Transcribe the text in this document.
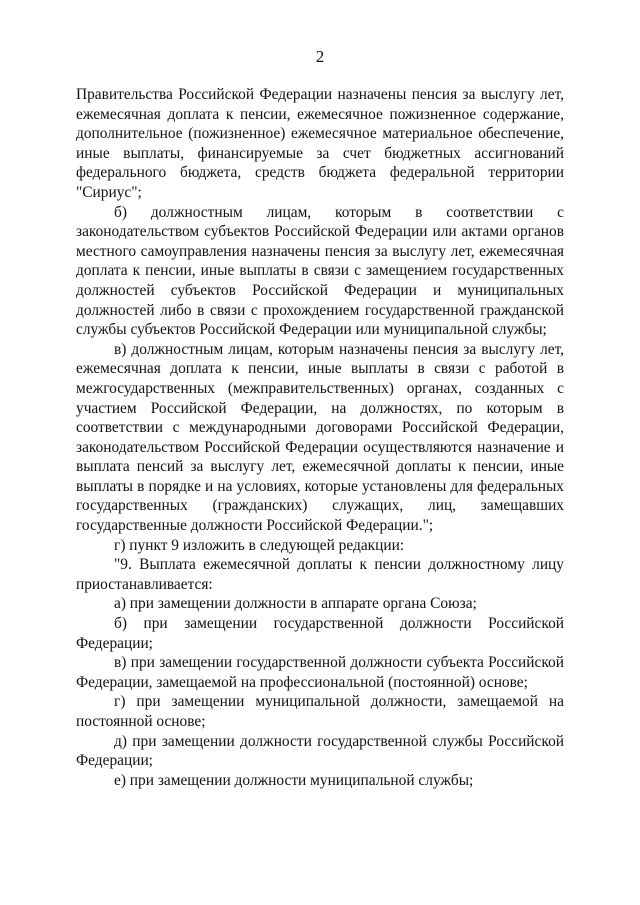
2

Правительства Российской Федерации назначены пенсия за выслугу лет, ежемесячная доплата к пенсии, ежемесячное пожизненное содержание, дополнительное (пожизненное) ежемесячное материальное обеспечение, иные выплаты, финансируемые за счет бюджетных ассигнований федерального бюджета, средств бюджета федеральной территории "Сириус";

б) должностным лицам, которым в соответствии с законодательством субъектов Российской Федерации или актами органов местного самоуправления назначены пенсия за выслугу лет, ежемесячная доплата к пенсии, иные выплаты в связи с замещением государственных должностей субъектов Российской Федерации и муниципальных должностей либо в связи с прохождением государственной гражданской службы субъектов Российской Федерации или муниципальной службы;

в) должностным лицам, которым назначены пенсия за выслугу лет, ежемесячная доплата к пенсии, иные выплаты в связи с работой в межгосударственных (межправительственных) органах, созданных с участием Российской Федерации, на должностях, по которым в соответствии с международными договорами Российской Федерации, законодательством Российской Федерации осуществляются назначение и выплата пенсий за выслугу лет, ежемесячной доплаты к пенсии, иные выплаты в порядке и на условиях, которые установлены для федеральных государственных (гражданских) служащих, лиц, замещавших государственные должности Российской Федерации.";

г) пункт 9 изложить в следующей редакции:

"9. Выплата ежемесячной доплаты к пенсии должностному лицу приостанавливается:

а) при замещении должности в аппарате органа Союза;

б) при замещении государственной должности Российской Федерации;

в) при замещении государственной должности субъекта Российской Федерации, замещаемой на профессиональной (постоянной) основе;

г) при замещении муниципальной должности, замещаемой на постоянной основе;

д) при замещении должности государственной службы Российской Федерации;

е) при замещении должности муниципальной службы;
